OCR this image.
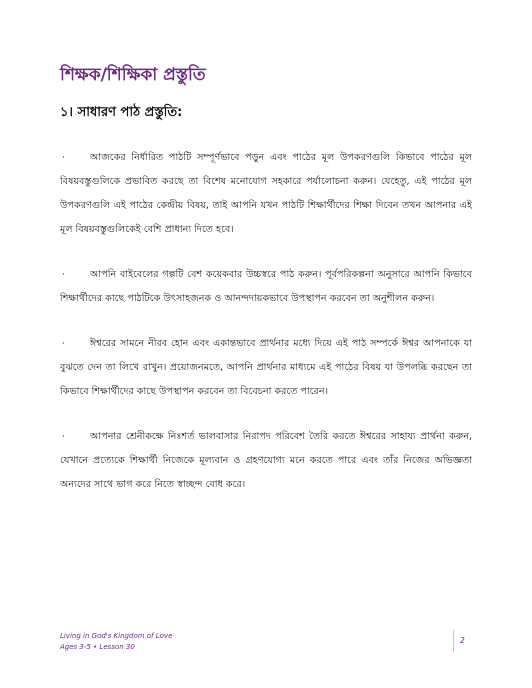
শিক্ষক/শিক্ষিকা প্রস্তুতি
১। সাধারণ পাঠ প্রস্তুতি:
·	আজকের নির্ধারিত পাঠটি সম্পূর্ণভাবে পড়ুন এবং পাঠের মূল উপকরণগুলি কিভাবে পাঠের মূল বিষয়বস্তুগুলিকে প্রভাবিত করছে তা বিশেষ মনোযোগ সহকারে পর্যালোচনা করুন। যেহেতু, এই পাঠের মূল উপকরণগুলি এই পাঠের কেন্দ্রীয় বিষয়, তাই আপনি যখন পাঠটি শিক্ষার্থীদের শিক্ষা দিবেন তখন আপনার এই মূল বিষয়বস্তুগুলিকেই বেশি প্রাধান্য দিতে হবে।
·	আপনি বাইবেলের গল্পটি বেশ কয়েকবার উচ্চস্বরে পাঠ করুন। পূর্বপরিকল্পনা অনুসারে আপনি কিভাবে শিক্ষার্থীদের কাছে পাঠটিকে উৎসাহজনক ও আনন্দদায়কভাবে উপস্থাপন করবেন তা অনুশীলন করুন।
·	ঈশ্বরের সামনে নীরব হোন এবং একান্তভাবে প্রার্থনার মধ্যে দিয়ে এই পাঠ সম্পর্কে ঈশ্বর আপনাকে যা বুঝতে দেন তা লিখে রাখুন। প্রয়োজনমতে, আপনি প্রার্থনার মাধ্যমে এই পাঠের বিষয় যা উপলব্ধি করছেন তা কিভাবে শিক্ষার্থীদের কাছে উপস্থাপন করবেন তা বিবেচনা করতে পারেন।
·	আপনার শ্রেনীকক্ষে নিঃশর্ত ভালবাসার নিরাপদ পরিবেশ তৈরি করতে ঈশ্বরের সাহায্য প্রার্থনা করুন, যেখানে প্রত্যেকে শিক্ষার্থী নিজেকে মূল্যবান ও গ্রহণযোগ্য মনে করতে পারে এবং তাঁর নিজের অভিজ্ঞতা অন্যদের সাথে ভাগ করে নিতে স্বাচ্ছন্দ বোধ করে।
Living in God's Kingdom of Love
Ages 3-5 • Lesson 30
2
